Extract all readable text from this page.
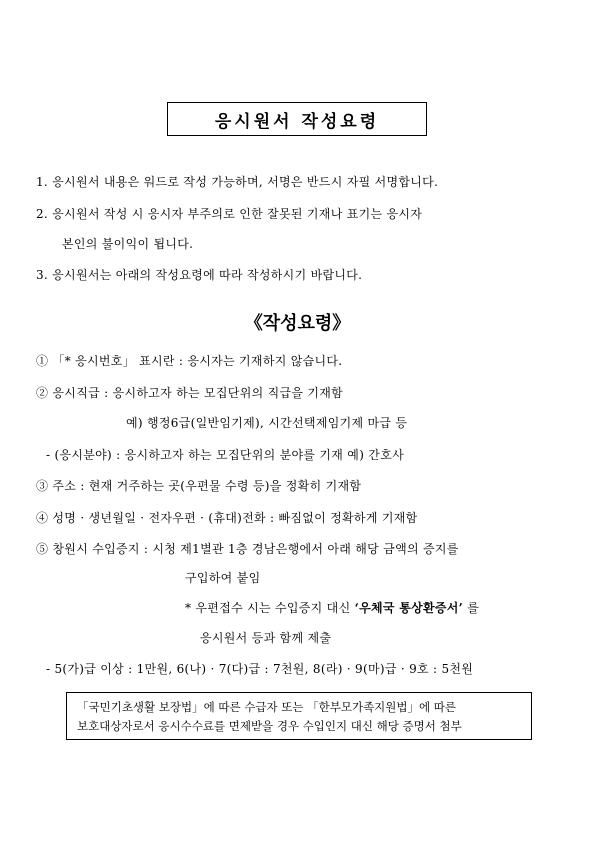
응시원서 작성요령
1. 응시원서 내용은 워드로 작성 가능하며, 서명은 반드시 자필 서명합니다.
2. 응시원서 작성 시 응시자 부주의로 인한 잘못된 기재나 표기는 응시자
본인의 불이익이 됩니다.
3. 응시원서는 아래의 작성요령에 따라 작성하시기 바랍니다.
《작성요령》
① 「* 응시번호」 표시란 : 응시자는 기재하지 않습니다.
② 응시직급 : 응시하고자 하는 모집단위의 직급을 기재함
예) 행정6급(일반임기제), 시간선택제임기제 마급 등
- (응시분야) : 응시하고자 하는 모집단위의 분야를 기재 예) 간호사
③ 주소 : 현재 거주하는 곳(우편물 수령 등)을 정확히 기재함
④ 성명 · 생년월일 · 전자우편 · (휴대)전화 : 빠짐없이 정확하게 기재함
⑤ 창원시 수입증지 : 시청 제1별관 1층 경남은행에서 아래 해당 금액의 증지를
구입하여 붙임
* 우편접수 시는 수입증지 대신 ‘우체국 통상환증서’ 를
응시원서 등과 함께 제출
- 5(가)급 이상 : 1만원, 6(나) · 7(다)급 : 7천원, 8(라) · 9(마)급 · 9호 : 5천원
「국민기초생활 보장법」에 따른 수급자 또는 「한부모가족지원법」에 따른
보호대상자로서 응시수수료를 면제받을 경우 수입인지 대신 해당 증명서 첨부
